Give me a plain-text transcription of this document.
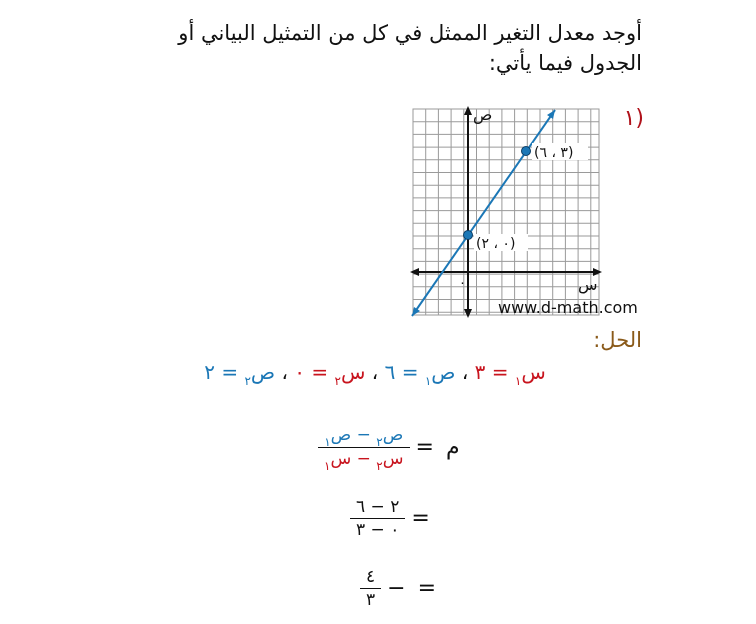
أوجد معدل التغير الممثل في كل من التمثيل البياني أو
الجدول فيما يأتي:
(١
(٣ ، ٦)
(٠ ، ٢)
ص
س
٠
www.d-math.com
الحل:
س$_١$ = ٣ ، ص$_١$ = ٦ ، س$_٢$ = ٠ ، ص$_٢$ = ٢
م=
$\frac{ص_٢ - ص_١}{س_٢ - س_١}$
=
$\frac{٢ - ٦}{٠ - ٣}$
=−
$\frac{٤}{٣}$
